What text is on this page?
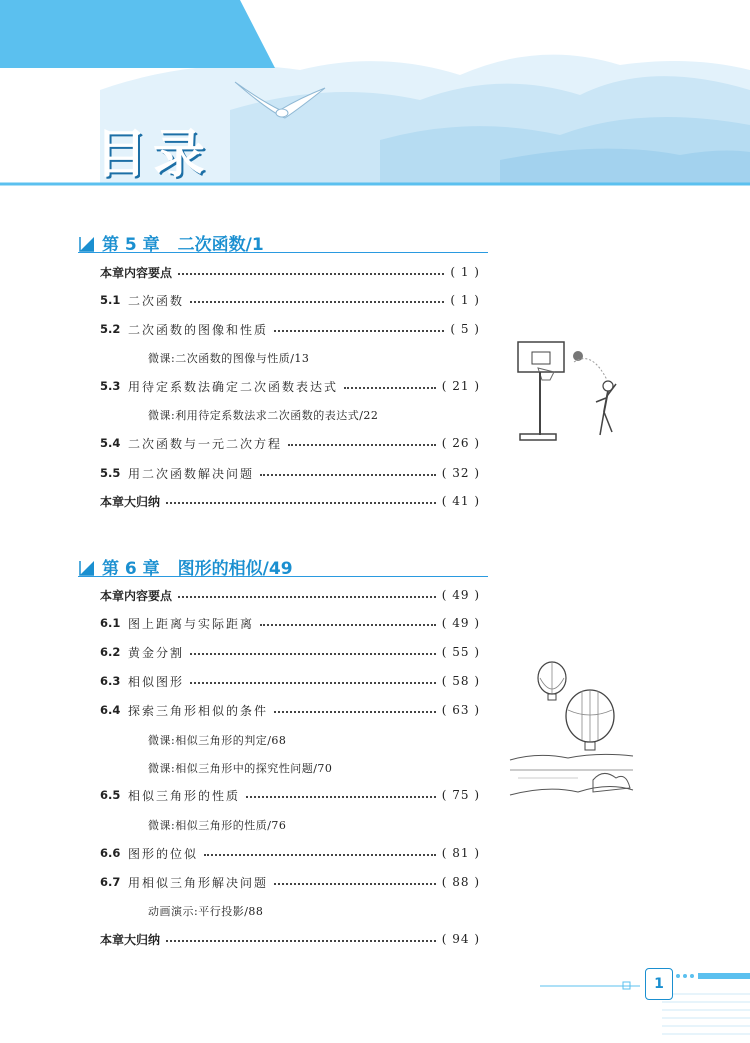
目录
第 5 章 二次函数/1
本章内容要点	( 1 )
5.1 二次函数	( 1 )
5.2 二次函数的图像和性质	( 5 )
微课:二次函数的图像与性质/13
5.3 用待定系数法确定二次函数表达式	( 21 )
微课:利用待定系数法求二次函数的表达式/22
5.4 二次函数与一元二次方程	( 26 )
5.5 用二次函数解决问题	( 32 )
本章大归纳	( 41 )
第 6 章 图形的相似/49
本章内容要点	( 49 )
6.1 图上距离与实际距离	( 49 )
6.2 黄金分割	( 55 )
6.3 相似图形	( 58 )
6.4 探索三角形相似的条件	( 63 )
微课:相似三角形的判定/68
微课:相似三角形中的探究性问题/70
6.5 相似三角形的性质	( 75 )
微课:相似三角形的性质/76
6.6 图形的位似	( 81 )
6.7 用相似三角形解决问题	( 88 )
动画演示:平行投影/88
本章大归纳	( 94 )
1
